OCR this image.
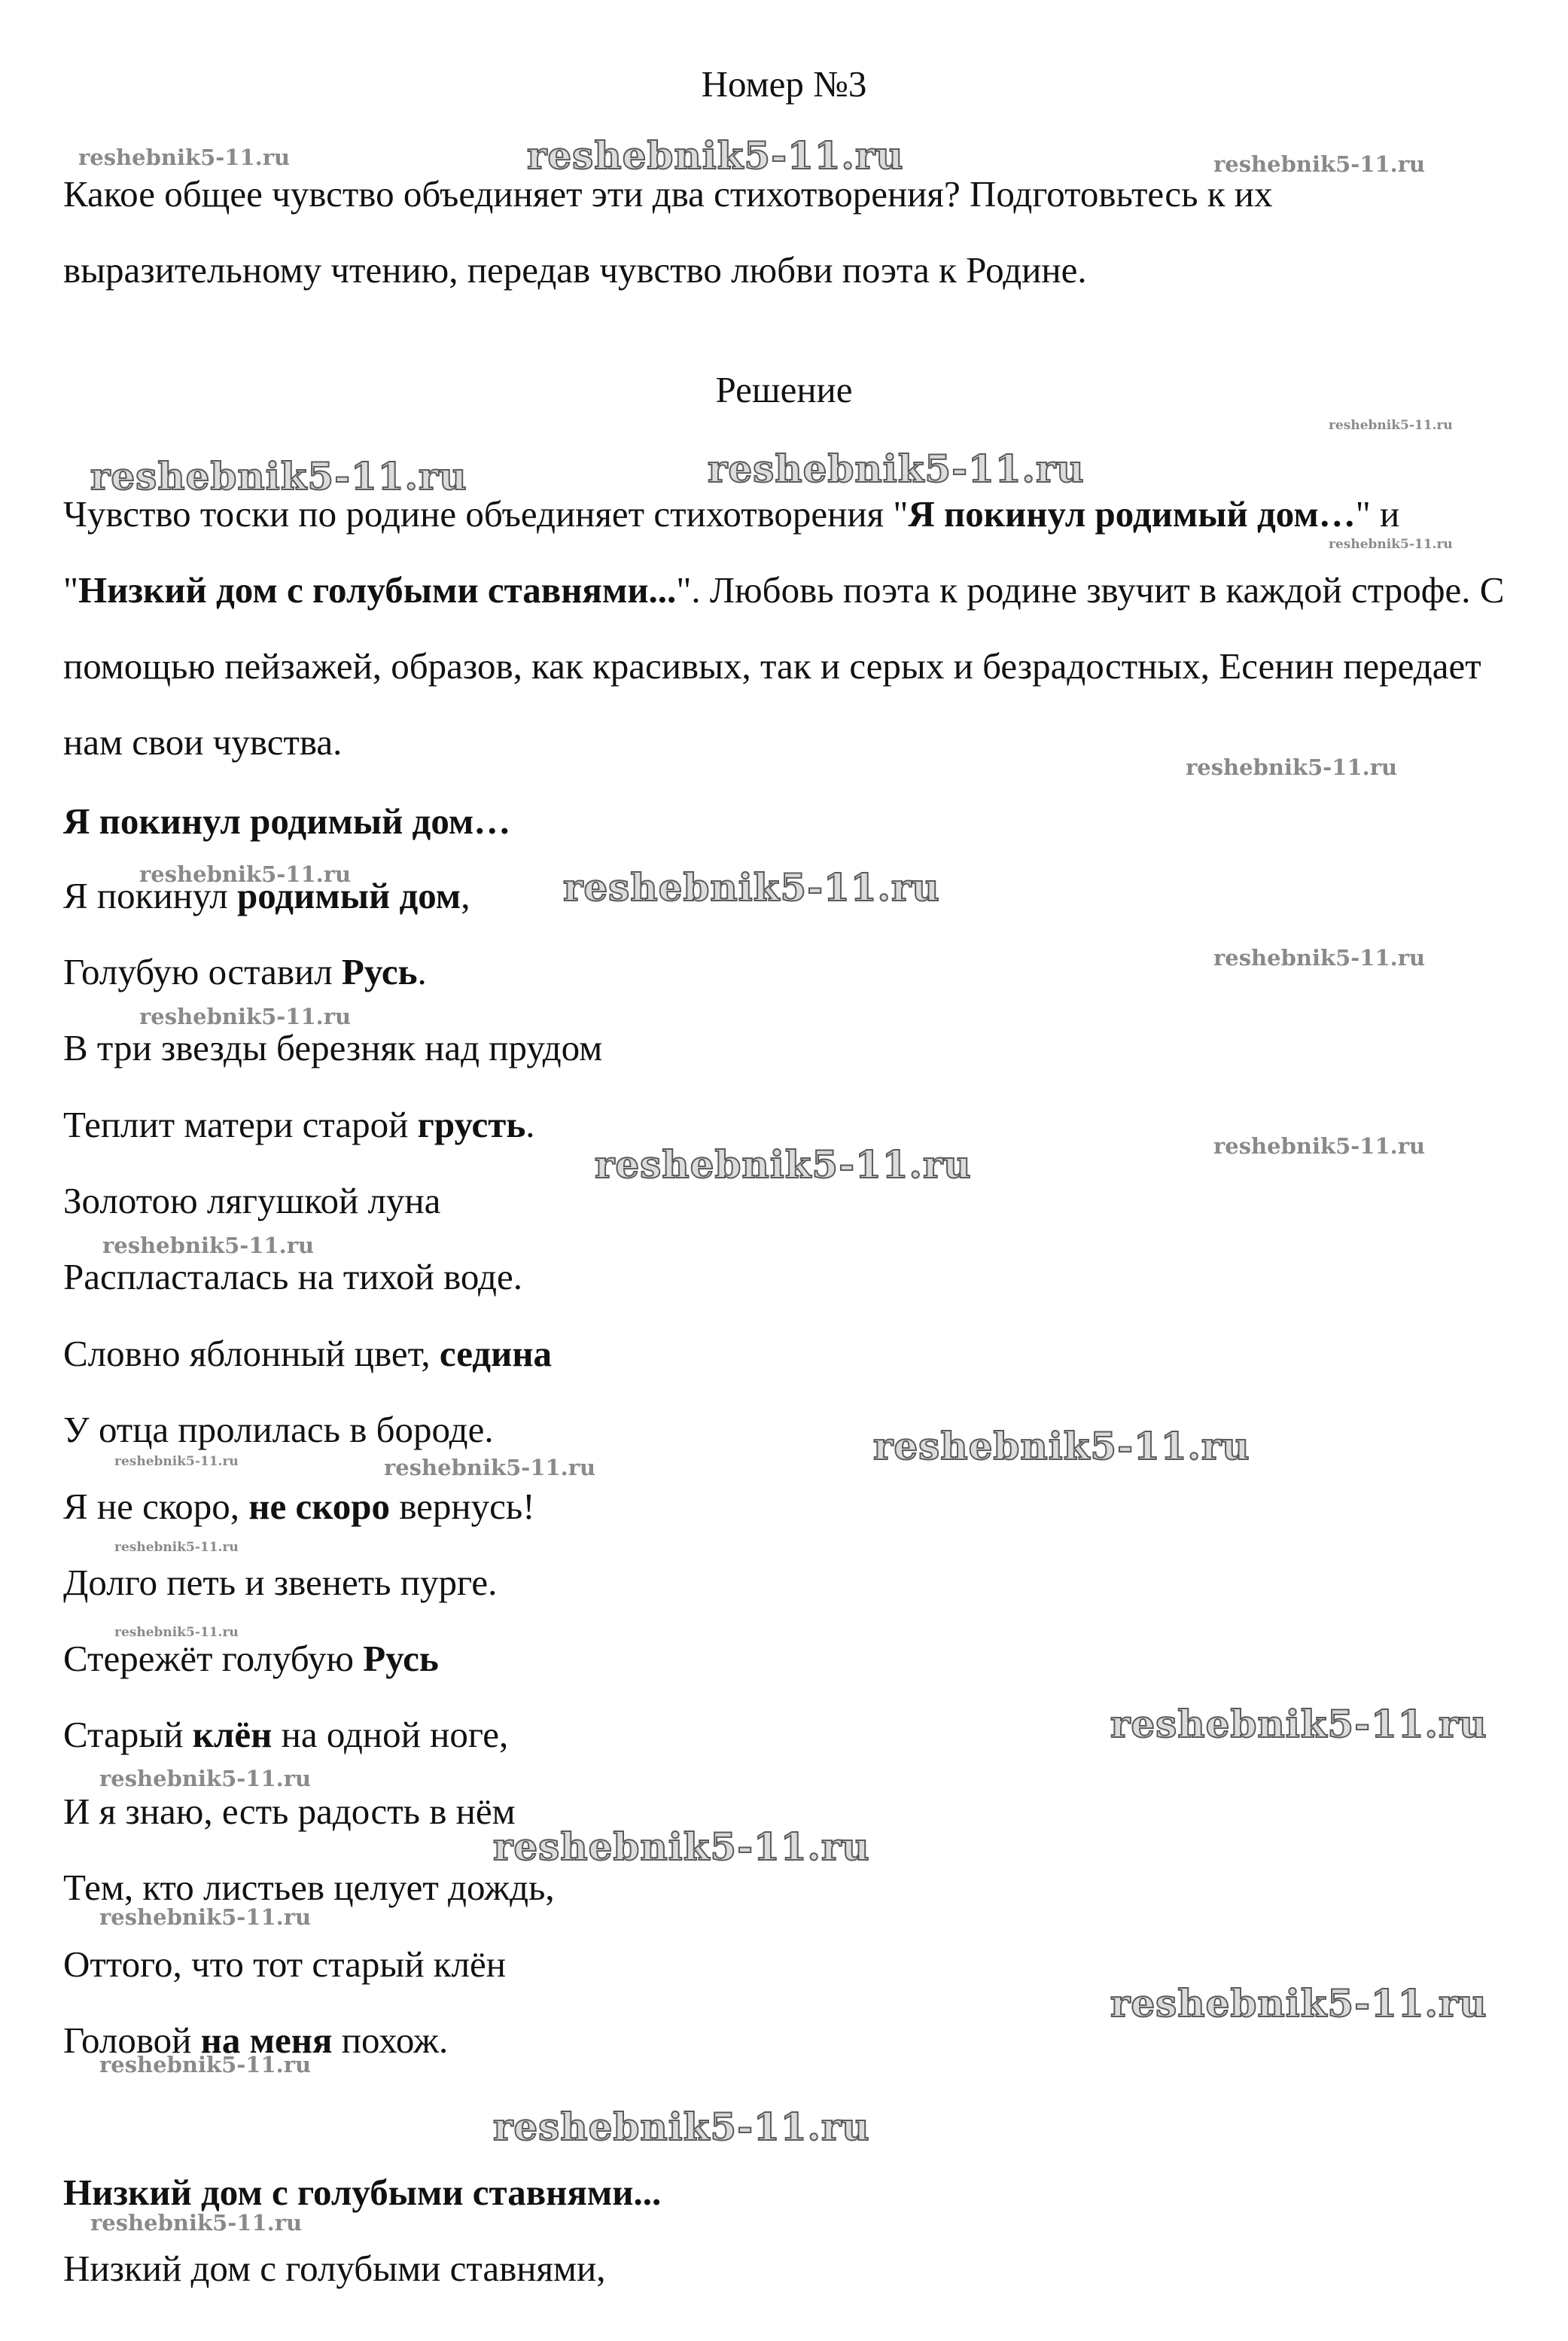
Номер №3

Какое общее чувство объединяет эти два стихотворения? Подготовьтесь к их выразительному чтению, передав чувство любви поэта к Родине.

Решение

Чувство тоски по родине объединяет стихотворения "Я покинул родимый дом…" и "Низкий дом с голубыми ставнями...". Любовь поэта к родине звучит в каждой строфе. С помощью пейзажей, образов, как красивых, так и серых и безрадостных, Есенин передает нам свои чувства.

Я покинул родимый дом…

Я покинул родимый дом,

Голубую оставил Русь.

В три звезды березняк над прудом

Теплит матери старой грусть.

Золотою лягушкой луна

Распласталась на тихой воде.

Словно яблонный цвет, седина

У отца пролилась в бороде.

Я не скоро, не скоро вернусь!

Долго петь и звенеть пурге.

Стережёт голубую Русь

Старый клён на одной ноге,

И я знаю, есть радость в нём

Тем, кто листьев целует дождь,

Оттого, что тот старый клён

Головой на меня похож.

Низкий дом с голубыми ставнями...

Низкий дом с голубыми ставнями,

reshebnik5-11.ru	reshebnik5-11.ru	reshebnik5-11.ru
reshebnik5-11.ru
reshebnik5-11.ru	reshebnik5-11.ru
reshebnik5-11.ru
reshebnik5-11.ru
reshebnik5-11.ru	reshebnik5-11.ru
reshebnik5-11.ru
reshebnik5-11.ru
reshebnik5-11.ru	reshebnik5-11.ru
reshebnik5-11.ru
reshebnik5-11.ru
reshebnik5-11.ru	reshebnik5-11.ru
reshebnik5-11.ru
reshebnik5-11.ru
reshebnik5-11.ru
reshebnik5-11.ru
reshebnik5-11.ru
reshebnik5-11.ru
reshebnik5-11.ru
reshebnik5-11.ru
reshebnik5-11.ru
reshebnik5-11.ru
